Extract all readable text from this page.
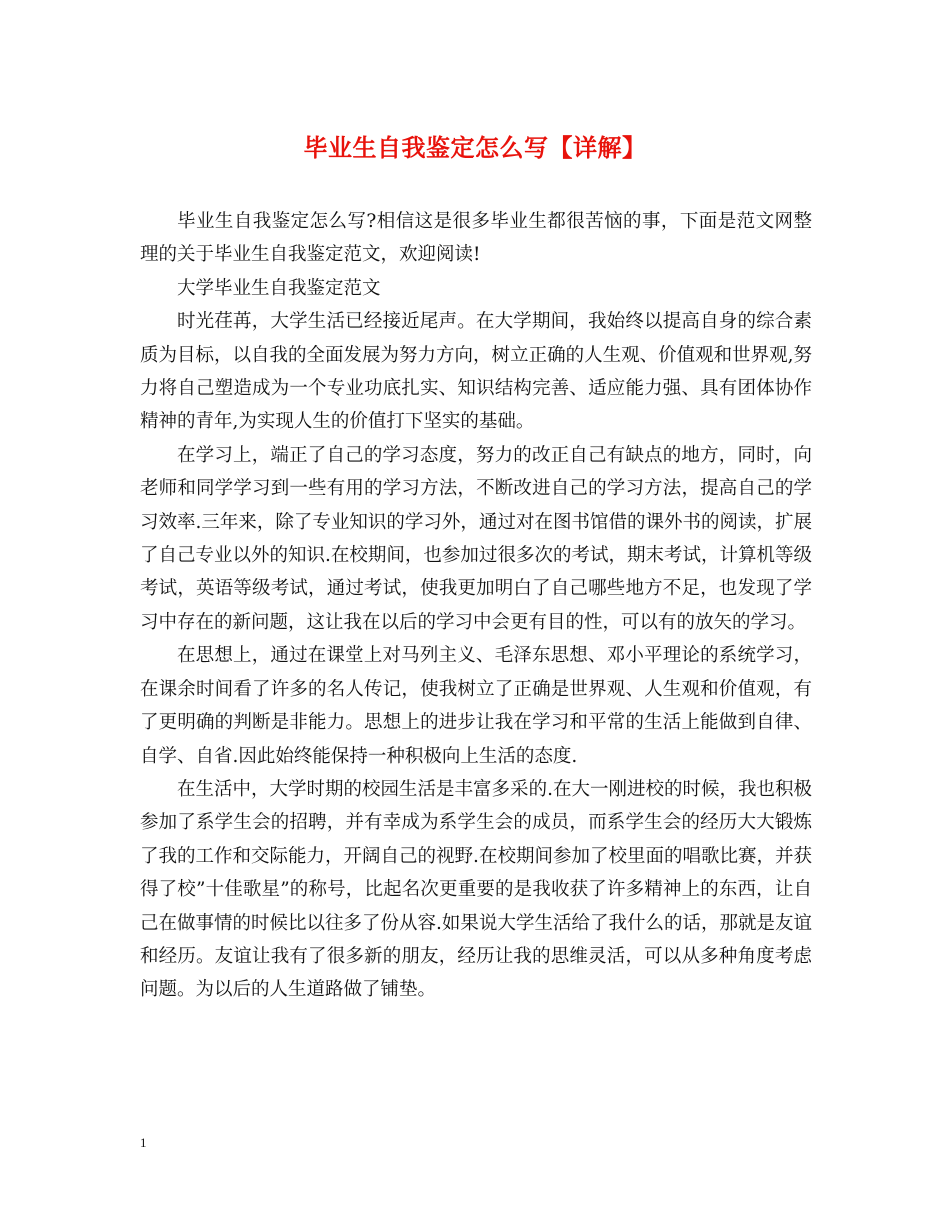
毕业生自我鉴定怎么写【详解】

毕业生自我鉴定怎么写?相信这是很多毕业生都很苦恼的事，下面是范文网整理的关于毕业生自我鉴定范文，欢迎阅读!

大学毕业生自我鉴定范文

时光荏苒，大学生活已经接近尾声。在大学期间，我始终以提高自身的综合素质为目标，以自我的全面发展为努力方向，树立正确的人生观、价值观和世界观,努力将自己塑造成为一个专业功底扎实、知识结构完善、适应能力强、具有团体协作精神的青年,为实现人生的价值打下坚实的基础。

在学习上，端正了自己的学习态度，努力的改正自己有缺点的地方，同时，向老师和同学学习到一些有用的学习方法，不断改进自己的学习方法，提高自己的学习效率.三年来，除了专业知识的学习外，通过对在图书馆借的课外书的阅读，扩展了自己专业以外的知识.在校期间，也参加过很多次的考试，期末考试，计算机等级考试，英语等级考试，通过考试，使我更加明白了自己哪些地方不足，也发现了学习中存在的新问题，这让我在以后的学习中会更有目的性，可以有的放矢的学习。

在思想上，通过在课堂上对马列主义、毛泽东思想、邓小平理论的系统学习，在课余时间看了许多的名人传记，使我树立了正确是世界观、人生观和价值观，有了更明确的判断是非能力。思想上的进步让我在学习和平常的生活上能做到自律、自学、自省.因此始终能保持一种积极向上生活的态度.

在生活中，大学时期的校园生活是丰富多采的.在大一刚进校的时候，我也积极参加了系学生会的招聘，并有幸成为系学生会的成员，而系学生会的经历大大锻炼了我的工作和交际能力，开阔自己的视野.在校期间参加了校里面的唱歌比赛，并获得了校”十佳歌星”的称号，比起名次更重要的是我收获了许多精神上的东西，让自己在做事情的时候比以往多了份从容.如果说大学生活给了我什么的话，那就是友谊和经历。友谊让我有了很多新的朋友，经历让我的思维灵活，可以从多种角度考虑问题。为以后的人生道路做了铺垫。

1
